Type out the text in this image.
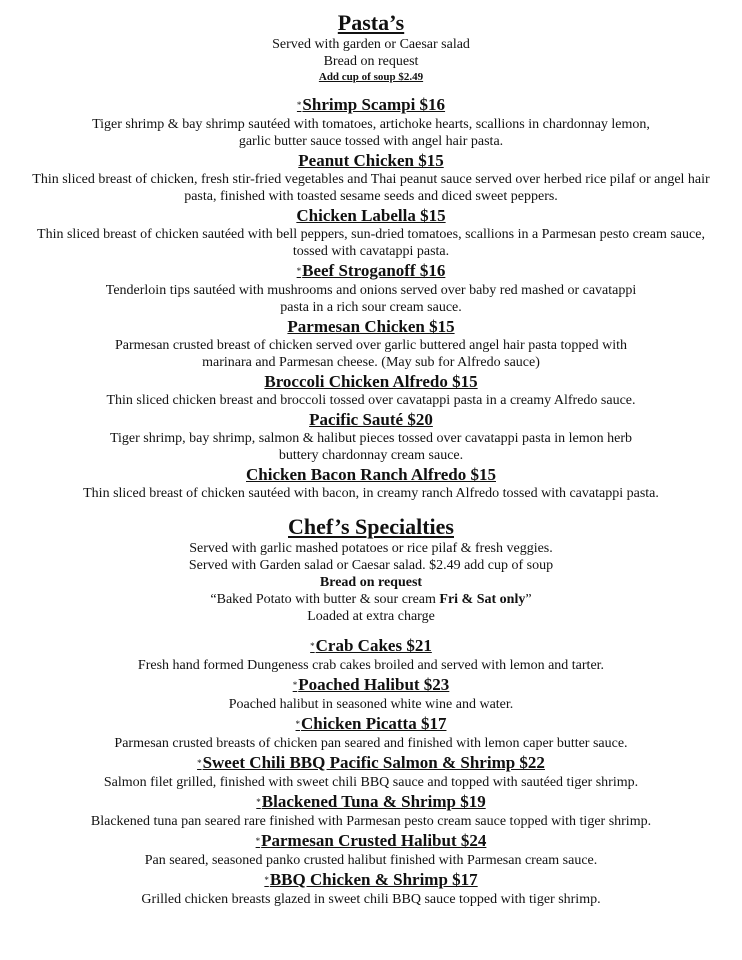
Pasta’s

Served with garden or Caesar salad

Bread on request

Add cup of soup $2.49

*Shrimp Scampi $16

Tiger shrimp & bay shrimp sautéed with tomatoes, artichoke hearts, scallions in chardonnay lemon, garlic butter sauce tossed with angel hair pasta.

Peanut Chicken $15

Thin sliced breast of chicken, fresh stir-fried vegetables and Thai peanut sauce served over herbed rice pilaf or angel hair pasta, finished with toasted sesame seeds and diced sweet peppers.

Chicken Labella $15

Thin sliced breast of chicken sautéed with bell peppers, sun-dried tomatoes, scallions in a Parmesan pesto cream sauce, tossed with cavatappi pasta.

*Beef Stroganoff $16

Tenderloin tips sautéed with mushrooms and onions served over baby red mashed or cavatappi pasta in a rich sour cream sauce.

Parmesan Chicken $15

Parmesan crusted breast of chicken served over garlic buttered angel hair pasta topped with marinara and Parmesan cheese. (May sub for Alfredo sauce)

Broccoli Chicken Alfredo $15

Thin sliced chicken breast and broccoli tossed over cavatappi pasta in a creamy Alfredo sauce.

Pacific Sauté $20

Tiger shrimp, bay shrimp, salmon & halibut pieces tossed over cavatappi pasta in lemon herb buttery chardonnay cream sauce.

Chicken Bacon Ranch Alfredo $15

Thin sliced breast of chicken sautéed with bacon, in creamy ranch Alfredo tossed with cavatappi pasta.

Chef’s Specialties

Served with garlic mashed potatoes or rice pilaf & fresh veggies.

Served with Garden salad or Caesar salad. $2.49 add cup of soup

Bread on request

“Baked Potato with butter & sour cream Fri & Sat only”

Loaded at extra charge

*Crab Cakes $21

Fresh hand formed Dungeness crab cakes broiled and served with lemon and tarter.

*Poached Halibut $23

Poached halibut in seasoned white wine and water.

*Chicken Picatta $17

Parmesan crusted breasts of chicken pan seared and finished with lemon caper butter sauce.

*Sweet Chili BBQ Pacific Salmon & Shrimp $22

Salmon filet grilled, finished with sweet chili BBQ sauce and topped with sautéed tiger shrimp.

*Blackened Tuna & Shrimp $19

Blackened tuna pan seared rare finished with Parmesan pesto cream sauce topped with tiger shrimp.

*Parmesan Crusted Halibut $24

Pan seared, seasoned panko crusted halibut finished with Parmesan cream sauce.

*BBQ Chicken & Shrimp $17

Grilled chicken breasts glazed in sweet chili BBQ sauce topped with tiger shrimp.
